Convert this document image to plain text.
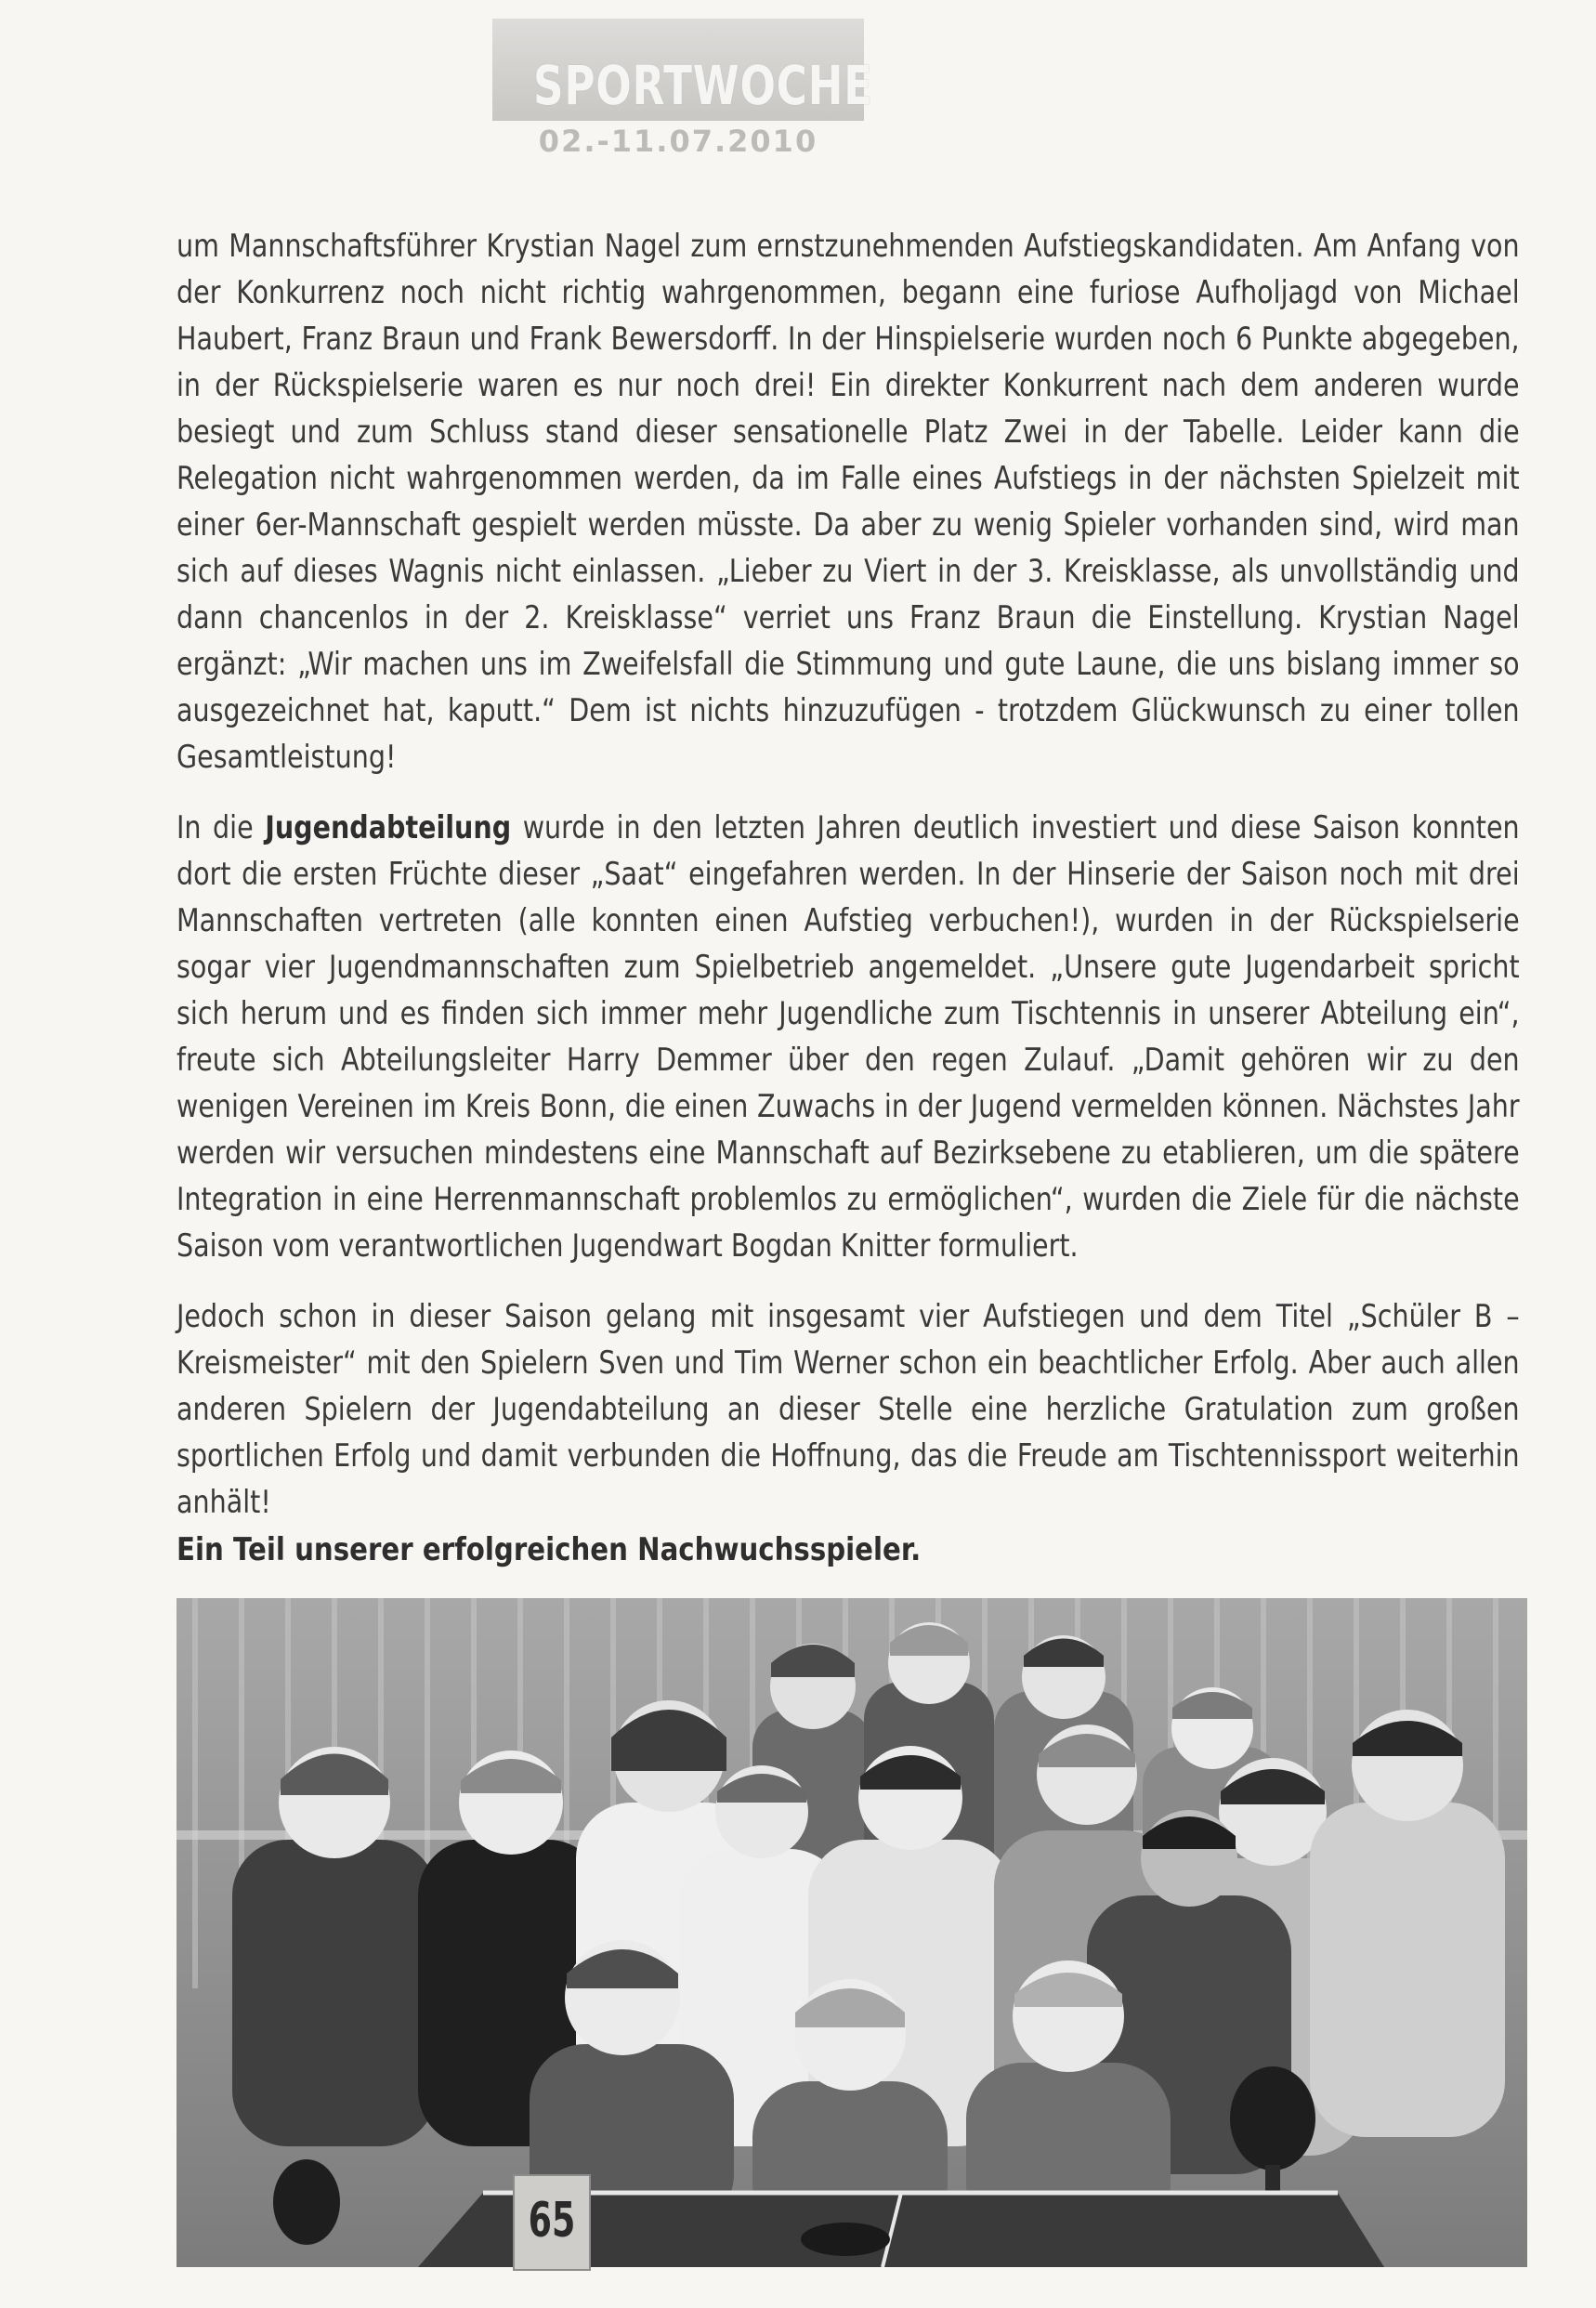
SPORTWOCHE
02.-11.07.2010

um Mannschaftsführer Krystian Nagel zum ernstzunehmenden Aufstiegskandidaten. Am Anfang von der Konkurrenz noch nicht richtig wahrgenommen, begann eine furiose Aufholjagd von Michael Haubert, Franz Braun und Frank Bewersdorff. In der Hinspielserie wurden noch 6 Punkte abgegeben, in der Rückspielserie waren es nur noch drei! Ein direkter Konkurrent nach dem anderen wurde besiegt und zum Schluss stand dieser sensationelle Platz Zwei in der Tabelle. Leider kann die Relegation nicht wahrgenommen werden, da im Falle eines Aufstiegs in der nächsten Spielzeit mit einer 6er-Mannschaft gespielt werden müsste. Da aber zu wenig Spieler vorhanden sind, wird man sich auf dieses Wagnis nicht einlassen. „Lieber zu Viert in der 3. Kreisklasse, als unvollständig und dann chancenlos in der 2. Kreisklasse“ verriet uns Franz Braun die Einstellung. Krystian Nagel ergänzt: „Wir machen uns im Zweifelsfall die Stimmung und gute Laune, die uns bislang immer so ausgezeichnet hat, kaputt.“ Dem ist nichts hinzuzufügen - trotzdem Glückwunsch zu einer tollen Gesamtleistung!

In die Jugendabteilung wurde in den letzten Jahren deutlich investiert und diese Saison konnten dort die ersten Früchte dieser „Saat“ eingefahren werden. In der Hinserie der Saison noch mit drei Mannschaften vertreten (alle konnten einen Aufstieg verbuchen!), wurden in der Rückspielserie sogar vier Jugendmannschaften zum Spielbetrieb angemeldet. „Unsere gute Jugendarbeit spricht sich herum und es finden sich immer mehr Jugendliche zum Tischtennis in unserer Abteilung ein“, freute sich Abteilungsleiter Harry Demmer über den regen Zulauf. „Damit gehören wir zu den wenigen Vereinen im Kreis Bonn, die einen Zuwachs in der Jugend vermelden können. Nächstes Jahr werden wir versuchen mindestens eine Mannschaft auf Bezirksebene zu etablieren, um die spätere Integration in eine Herrenmannschaft problemlos zu ermöglichen“, wurden die Ziele für die nächste Saison vom verantwortlichen Jugendwart Bogdan Knitter formuliert.

Jedoch schon in dieser Saison gelang mit insgesamt vier Aufstiegen und dem Titel „Schüler B – Kreismeister“ mit den Spielern Sven und Tim Werner schon ein beachtlicher Erfolg. Aber auch allen anderen Spielern der Jugendabteilung an dieser Stelle eine herzliche Gratulation zum großen sportlichen Erfolg und damit verbunden die Hoffnung, das die Freude am Tischtennissport weiterhin anhält!

Ein Teil unserer erfolgreichen Nachwuchsspieler.
65
